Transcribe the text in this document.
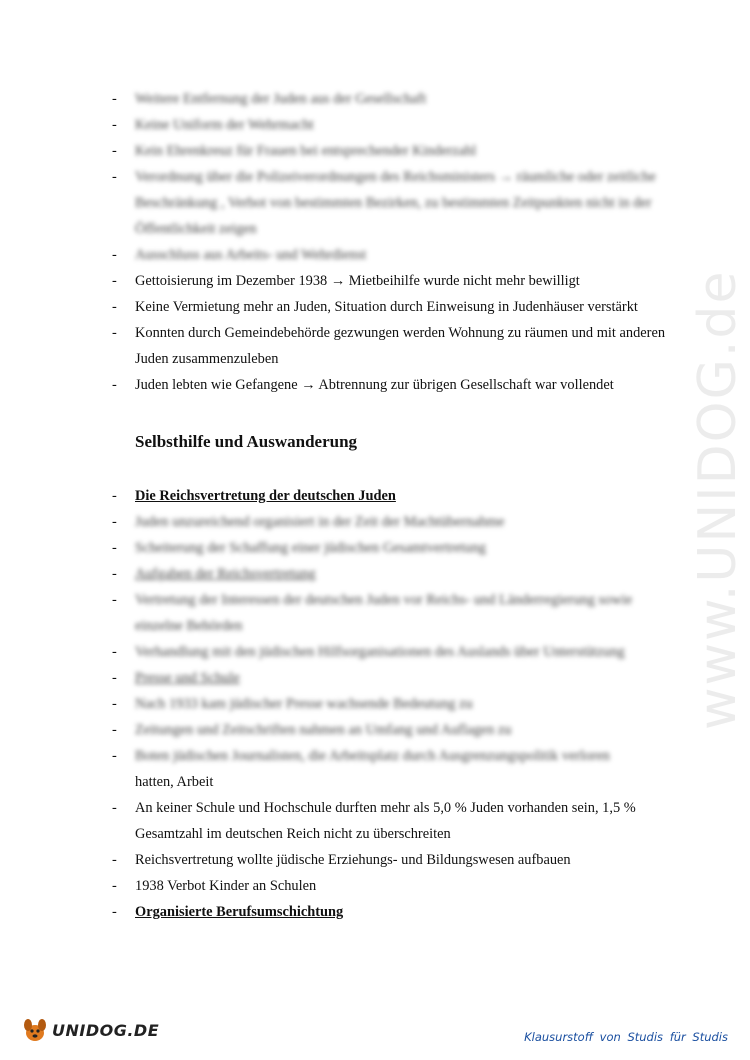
www.UNIDOG.de
- Weitere Entfernung der Juden aus der Gesellschaft
- Keine Uniform der Wehrmacht
- Kein Ehrenkreuz für Frauen bei entsprechender Kinderzahl
- Verordnung über die Polizeiverordnungen des Reichsministers → räumliche oder zeitliche Beschränkung , Verbot von bestimmten Bezirken, zu bestimmten Zeitpunkten nicht in der Öffentlichkeit zeigen
- Ausschluss aus Arbeits- und Wehrdienst
- Gettoisierung im Dezember 1938 → Mietbeihilfe wurde nicht mehr bewilligt
- Keine Vermietung mehr an Juden, Situation durch Einweisung in Judenhäuser verstärkt
- Konnten durch Gemeindebehörde gezwungen werden Wohnung zu räumen und mit anderen Juden zusammenzuleben
- Juden lebten wie Gefangene → Abtrennung zur übrigen Gesellschaft war vollendet
Selbsthilfe und Auswanderung
- Die Reichsvertretung der deutschen Juden
- Juden unzureichend organisiert in der Zeit der Machtübernahme
- Scheiterung der Schaffung einer jüdischen Gesamtvertretung
- Aufgaben der Reichsvertretung
- Vertretung der Interessen der deutschen Juden vor Reichs- und Länderregierung sowie einzelne Behörden
- Verhandlung mit den jüdischen Hilfsorganisationen des Auslands über Unterstützung
- Presse und Schule
- Nach 1933 kam jüdischer Presse wachsende Bedeutung zu
- Zeitungen und Zeitschriften nahmen an Umfang und Auflagen zu
- Boten jüdischen Journalisten, die Arbeitsplatz durch Ausgrenzungspolitik verloren
hatten, Arbeit
- An keiner Schule und Hochschule durften mehr als 5,0 % Juden vorhanden sein, 1,5 % Gesamtzahl im deutschen Reich nicht zu überschreiten
- Reichsvertretung wollte jüdische Erziehungs- und Bildungswesen aufbauen
- 1938 Verbot Kinder an Schulen
- Organisierte Berufsumschichtung
UNIDOG.DE	Klausurstoff von Studis für Studis
